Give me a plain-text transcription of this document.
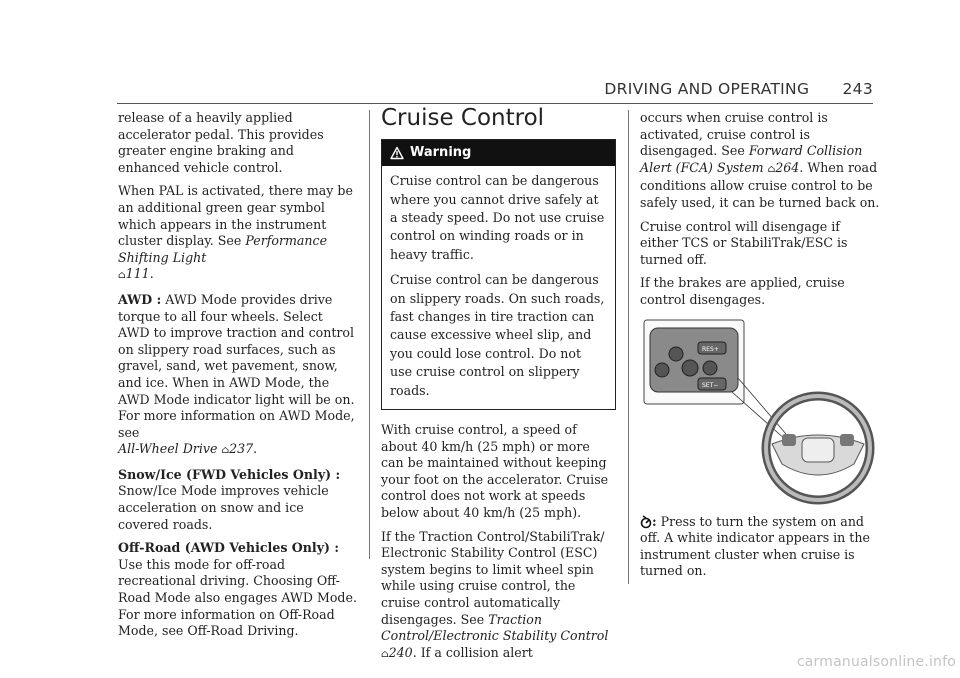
DRIVING AND OPERATING 243

release of a heavily applied accelerator pedal. This provides greater engine braking and enhanced vehicle control.

When PAL is activated, there may be an additional green gear symbol which appears in the instrument cluster display. See Performance Shifting Light
⌂111.

AWD : AWD Mode provides drive torque to all four wheels. Select AWD to improve traction and control on slippery road surfaces, such as gravel, sand, wet pavement, snow, and ice. When in AWD Mode, the AWD Mode indicator light will be on. For more information on AWD Mode, see
All-Wheel Drive ⌂237.

Snow/Ice (FWD Vehicles Only) :
Snow/Ice Mode improves vehicle acceleration on snow and ice covered roads.

Off-Road (AWD Vehicles Only) : Use this mode for off-road recreational driving. Choosing Off-Road Mode also engages AWD Mode. For more information on Off-Road Mode, see Off-Road Driving.

Cruise Control
Warning

Cruise control can be dangerous where you cannot drive safely at a steady speed. Do not use cruise control on winding roads or in heavy traffic.

Cruise control can be dangerous on slippery roads. On such roads, fast changes in tire traction can cause excessive wheel slip, and you could lose control. Do not use cruise control on slippery roads.

With cruise control, a speed of about 40 km/h (25 mph) or more can be maintained without keeping your foot on the accelerator. Cruise control does not work at speeds below about 40 km/h (25 mph).

If the Traction Control/StabiliTrak/ Electronic Stability Control (ESC) system begins to limit wheel spin while using cruise control, the cruise control automatically disengages. See Traction Control/Electronic Stability Control ⌂240. If a collision alert

occurs when cruise control is activated, cruise control is disengaged. See Forward Collision Alert (FCA) System ⌂264. When road conditions allow cruise control to be safely used, it can be turned back on.

Cruise control will disengage if either TCS or StabiliTrak/ESC is turned off.

If the brakes are applied, cruise control disengages.

RES+
SET−

: Press to turn the system on and off. A white indicator appears in the instrument cluster when cruise is turned on.

carmanualsonline.info
